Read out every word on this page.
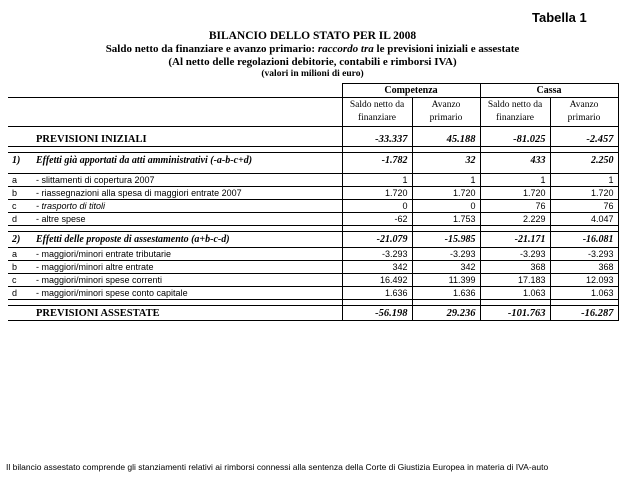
Tabella 1
BILANCIO DELLO STATO PER IL 2008
Saldo netto da finanziare e avanzo primario: raccordo tra le previsioni iniziali e assestate
(Al netto delle regolazioni debitorie, contabili e rimborsi IVA)
(valori in milioni di euro)
		Competenza		Cassa	
		Saldo netto da finanziare	Avanzo primario	Saldo netto da finanziare	Avanzo primario

	PREVISIONI INIZIALI	-33.337	45.188	-81.025	-2.457

1)	Effetti già apportati da atti amministrativi (-a-b-c+d)	-1.782	32	433	2.250

a	- slittamenti di copertura 2007	1	1	1	1
b	- riassegnazioni alla spesa di maggiori entrate 2007	1.720	1.720	1.720	1.720
c	- trasporto di titoli	0	0	76	76
d	- altre spese	-62	1.753	2.229	4.047

2)	Effetti delle proposte di assestamento (a+b-c-d)	-21.079	-15.985	-21.171	-16.081
a	- maggiori/minori entrate tributarie	-3.293	-3.293	-3.293	-3.293
b	- maggiori/minori altre entrate	342	342	368	368
c	- maggiori/minori spese correnti	16.492	11.399	17.183	12.093
d	- maggiori/minori spese conto capitale	1.636	1.636	1.063	1.063

	PREVISIONI ASSESTATE	-56.198	29.236	-101.763	-16.287
Il bilancio assestato comprende gli stanziamenti relativi ai rimborsi connessi alla sentenza della Corte di Giustizia Europea in materia di IVA-auto
